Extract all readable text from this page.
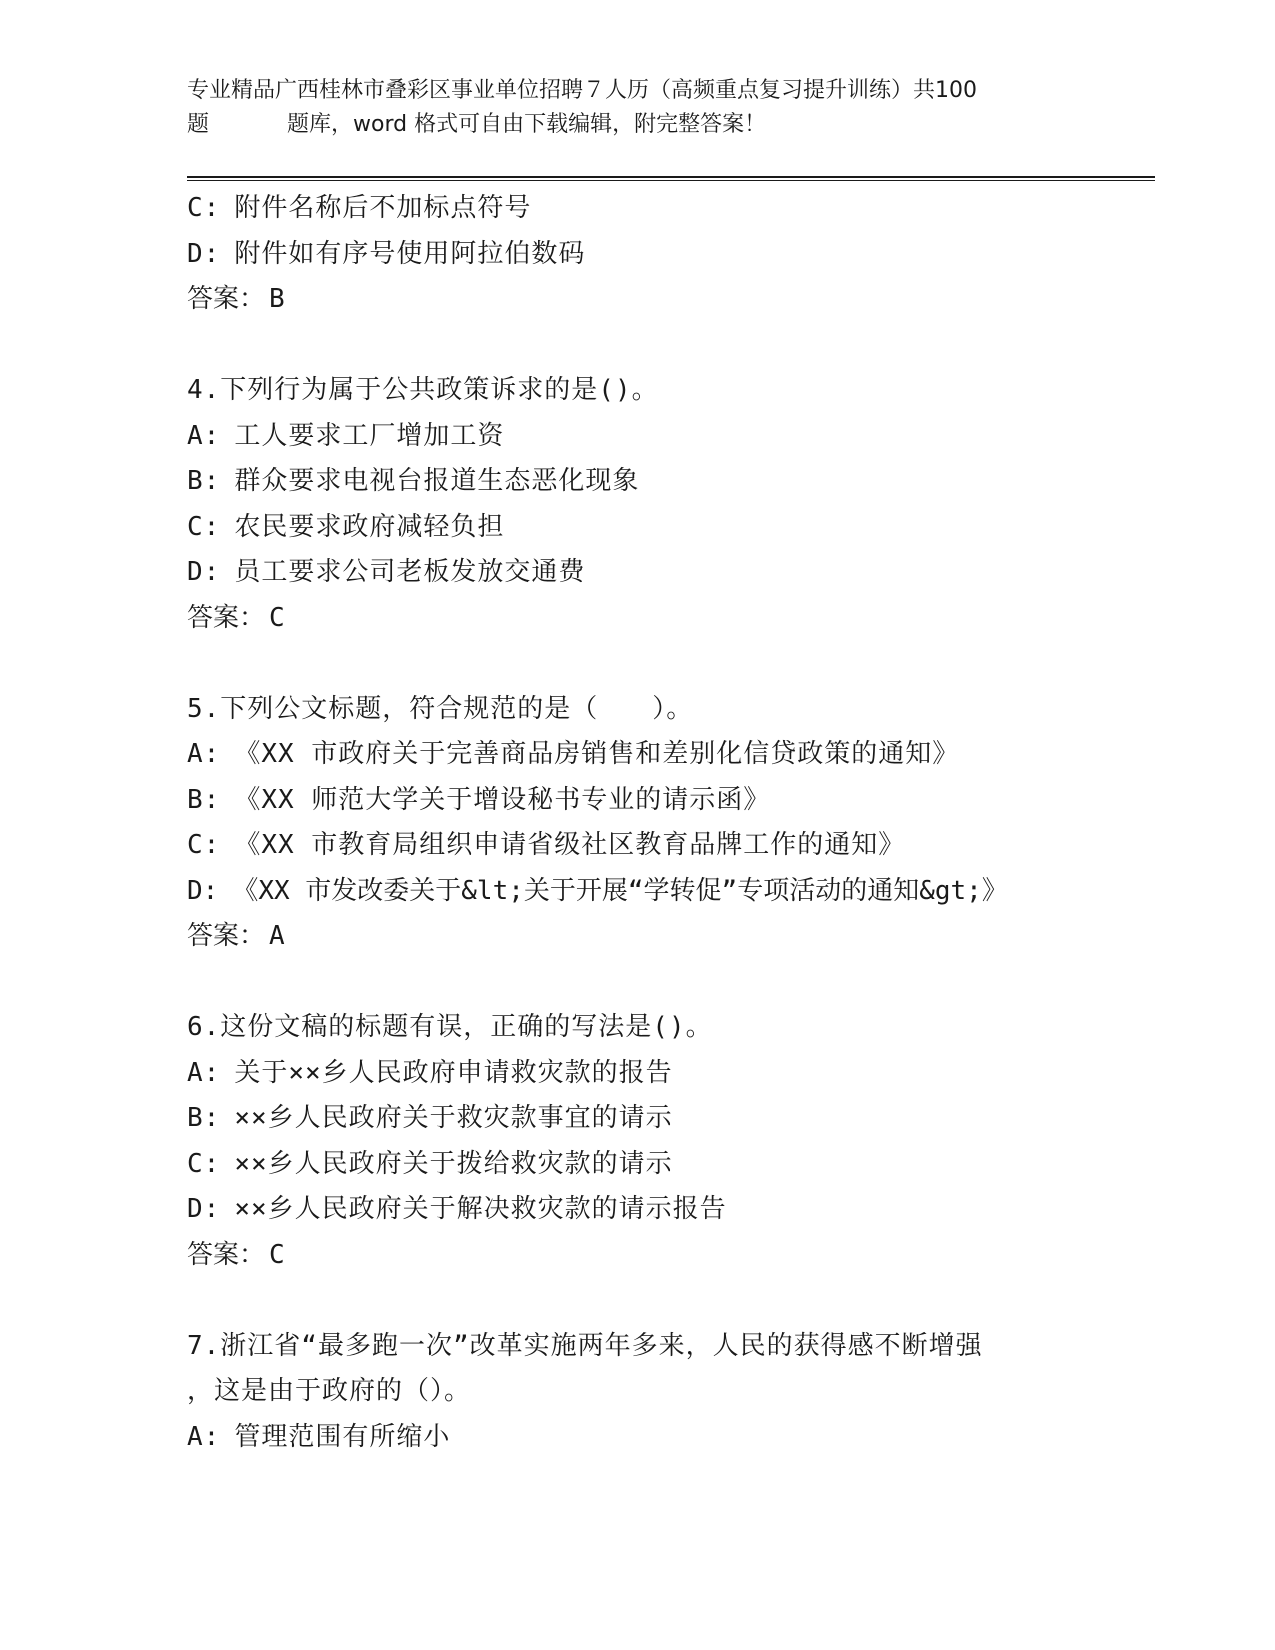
专业精品广西桂林市叠彩区事业单位招聘７人历（高频重点复习提升训练）共100
题	题库，word 格式可自由下载编辑，附完整答案！
C: 附件名称后不加标点符号
D: 附件如有序号使用阿拉伯数码
答案： B
4.下列行为属于公共政策诉求的是()。
A: 工人要求工厂增加工资
B: 群众要求电视台报道生态恶化现象
C: 农民要求政府减轻负担
D: 员工要求公司老板发放交通费
答案： C
5.下列公文标题，符合规范的是（　　）。
A: 《XX 市政府关于完善商品房销售和差别化信贷政策的通知》
B: 《XX 师范大学关于增设秘书专业的请示函》
C: 《XX 市教育局组织申请省级社区教育品牌工作的通知》
D: 《XX 市发改委关于&lt;关于开展“学转促”专项活动的通知&gt;》
答案： A
6.这份文稿的标题有误，正确的写法是()。
A: 关于××乡人民政府申请救灾款的报告
B: ××乡人民政府关于救灾款事宜的请示
C: ××乡人民政府关于拨给救灾款的请示
D: ××乡人民政府关于解决救灾款的请示报告
答案： C
7.浙江省“最多跑一次”改革实施两年多来，人民的获得感不断增强
，这是由于政府的（）。
A: 管理范围有所缩小
